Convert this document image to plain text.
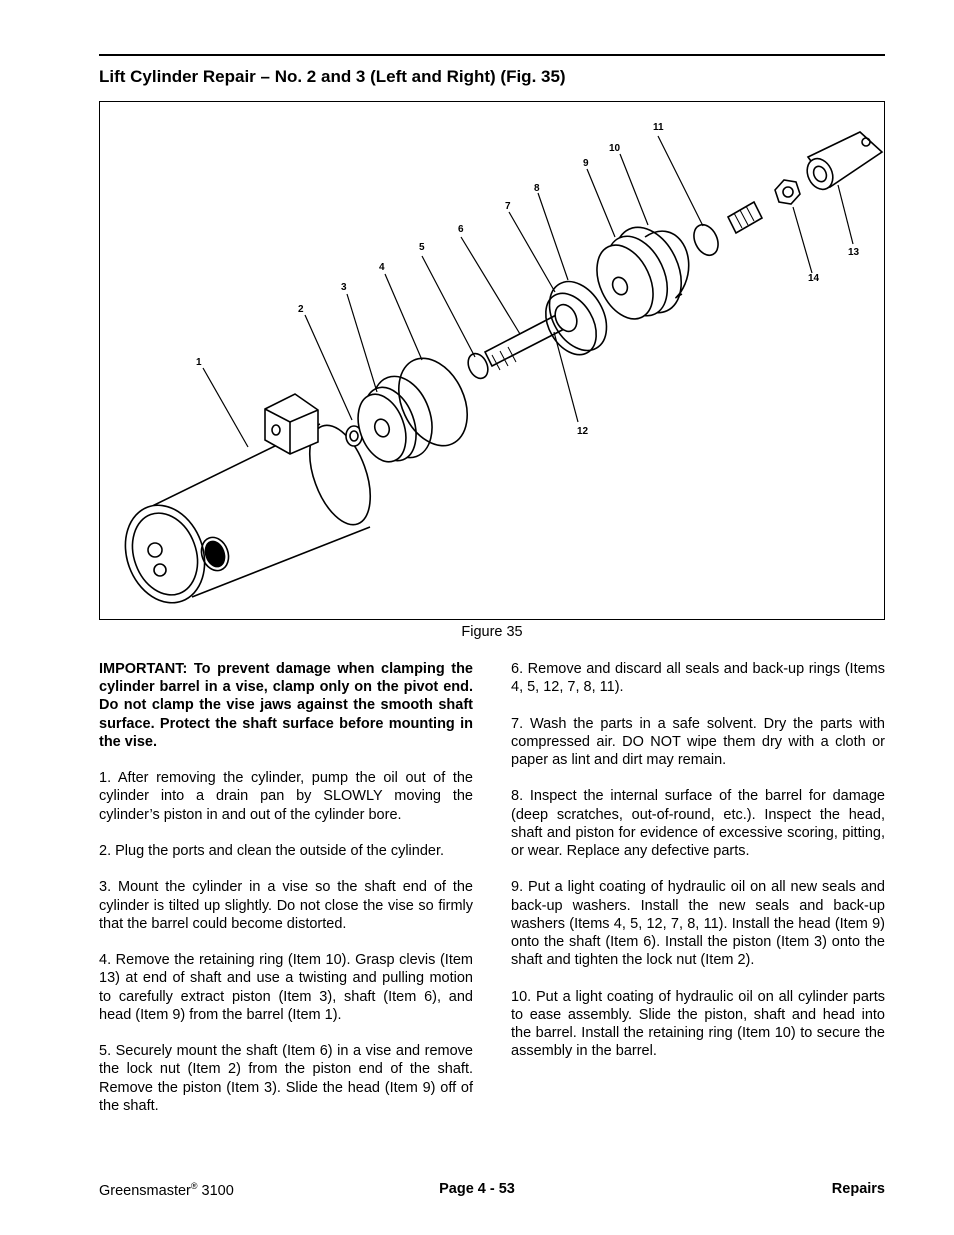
Lift Cylinder Repair – No. 2 and 3 (Left and Right) (Fig. 35)
1
2
3
4
5
6
7
8
9
10
11
12
13
14
Figure 35

IMPORTANT: To prevent damage when clamping the cylinder barrel in a vise, clamp only on the pivot end. Do not clamp the vise jaws against the smooth shaft surface. Protect the shaft surface before mounting in the vise.

1. After removing the cylinder, pump the oil out of the cylinder into a drain pan by SLOWLY moving the cylinder’s piston in and out of the cylinder bore.

2. Plug the ports and clean the outside of the cylinder.

3. Mount the cylinder in a vise so the shaft end of the cylinder is tilted up slightly. Do not close the vise so firmly that the barrel could become distorted.

4. Remove the retaining ring (Item 10). Grasp clevis (Item 13) at end of shaft and use a twisting and pulling motion to carefully extract piston (Item 3), shaft (Item 6), and head (Item 9) from the barrel (Item 1).

5. Securely mount the shaft (Item 6) in a vise and remove the lock nut (Item 2) from the piston end of the shaft. Remove the piston (Item 3). Slide the head (Item 9) off of the shaft.

6. Remove and discard all seals and back-up rings (Items 4, 5, 12, 7, 8, 11).

7. Wash the parts in a safe solvent. Dry the parts with compressed air. DO NOT wipe them dry with a cloth or paper as lint and dirt may remain.

8. Inspect the internal surface of the barrel for damage (deep scratches, out-of-round, etc.). Inspect the head, shaft and piston for evidence of excessive scoring, pitting, or wear. Replace any defective parts.

9. Put a light coating of hydraulic oil on all new seals and back-up washers. Install the new seals and back-up washers (Items 4, 5, 12, 7, 8, 11). Install the head (Item 9) onto the shaft (Item 6). Install the piston (Item 3) onto the shaft and tighten the lock nut (Item 2).

10. Put a light coating of hydraulic oil on all cylinder parts to ease assembly. Slide the piston, shaft and head into the barrel. Install the retaining ring (Item 10) to secure the assembly in the barrel.

Greensmaster® 3100	Page 4 - 53	Repairs
